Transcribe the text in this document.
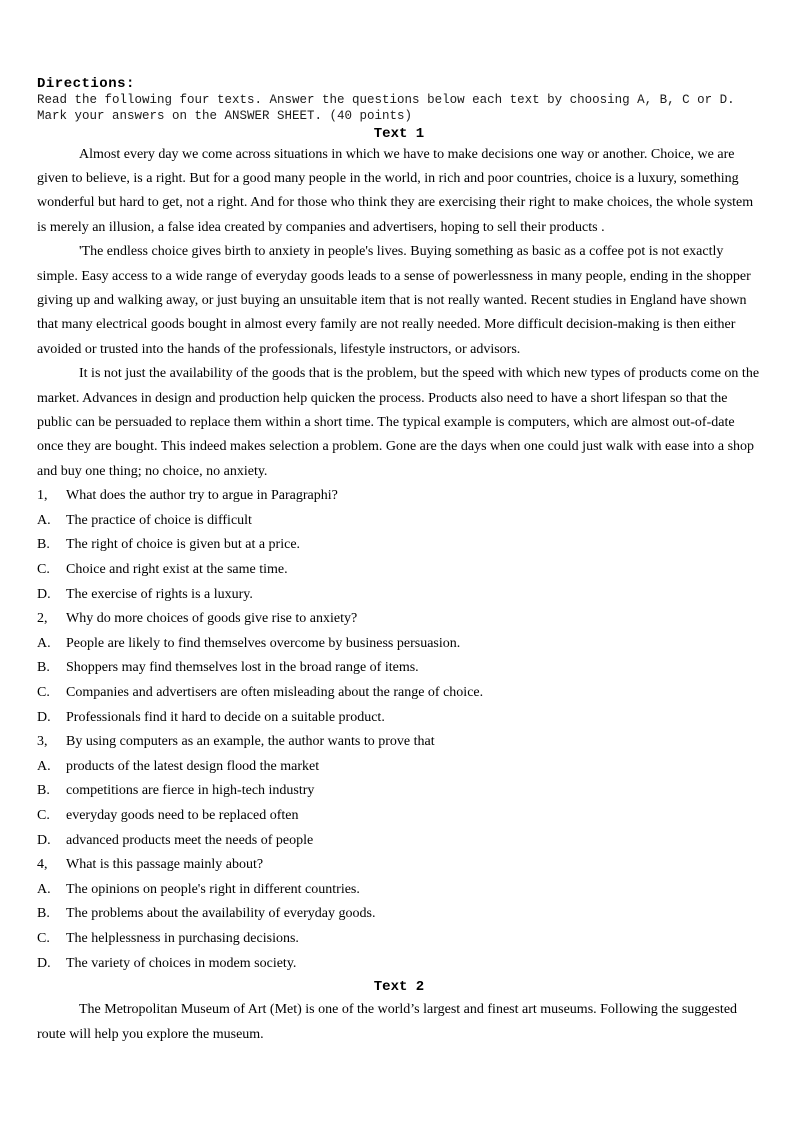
Directions:
Read the following four texts. Answer the questions below each text by choosing A, B, C or D. Mark your answers on the ANSWER SHEET. (40 points)
Text 1

Almost every day we come across situations in which we have to make decisions one way or another. Choice, we are given to believe, is a right. But for a good many people in the world, in rich and poor countries, choice is a luxury, something wonderful but hard to get, not a right. And for those who think they are exercising their right to make choices, the whole system is merely an illusion, a false idea created by companies and advertisers, hoping to sell their products .

'The endless choice gives birth to anxiety in people's lives. Buying something as basic as a coffee pot is not exactly simple. Easy access to a wide range of everyday goods leads to a sense of powerlessness in many people, ending in the shopper giving up and walking away, or just buying an unsuitable item that is not really wanted. Recent studies in England have shown that many electrical goods bought in almost every family are not really needed. More difficult decision-making is then either avoided or trusted into the hands of the professionals, lifestyle instructors, or advisors.

It is not just the availability of the goods that is the problem, but the speed with which new types of products come on the market. Advances in design and production help quicken the process. Products also need to have a short lifespan so that the public can be persuaded to replace them within a short time. The typical example is computers, which are almost out-of-date once they are bought. This indeed makes selection a problem. Gone are the days when one could just walk with ease into a shop and buy one thing; no choice, no anxiety.

1, What does the author try to argue in Paragraphi?
A. The practice of choice is difficult
B. The right of choice is given but at a price.
C. Choice and right exist at the same time.
D. The exercise of rights is a luxury.
2, Why do more choices of goods give rise to anxiety?
A. People are likely to find themselves overcome by business persuasion.
B. Shoppers may find themselves lost in the broad range of items.
C. Companies and advertisers are often misleading about the range of choice.
D. Professionals find it hard to decide on a suitable product.
3, By using computers as an example, the author wants to prove that
A. products of the latest design flood the market
B. competitions are fierce in high-tech industry
C. everyday goods need to be replaced often
D. advanced products meet the needs of people
4, What is this passage mainly about?
A. The opinions on people's right in different countries.
B. The problems about the availability of everyday goods.
C. The helplessness in purchasing decisions.
D. The variety of choices in modem society.
Text 2

The Metropolitan Museum of Art (Met) is one of the world’s largest and finest art museums. Following the suggested route will help you explore the museum.
